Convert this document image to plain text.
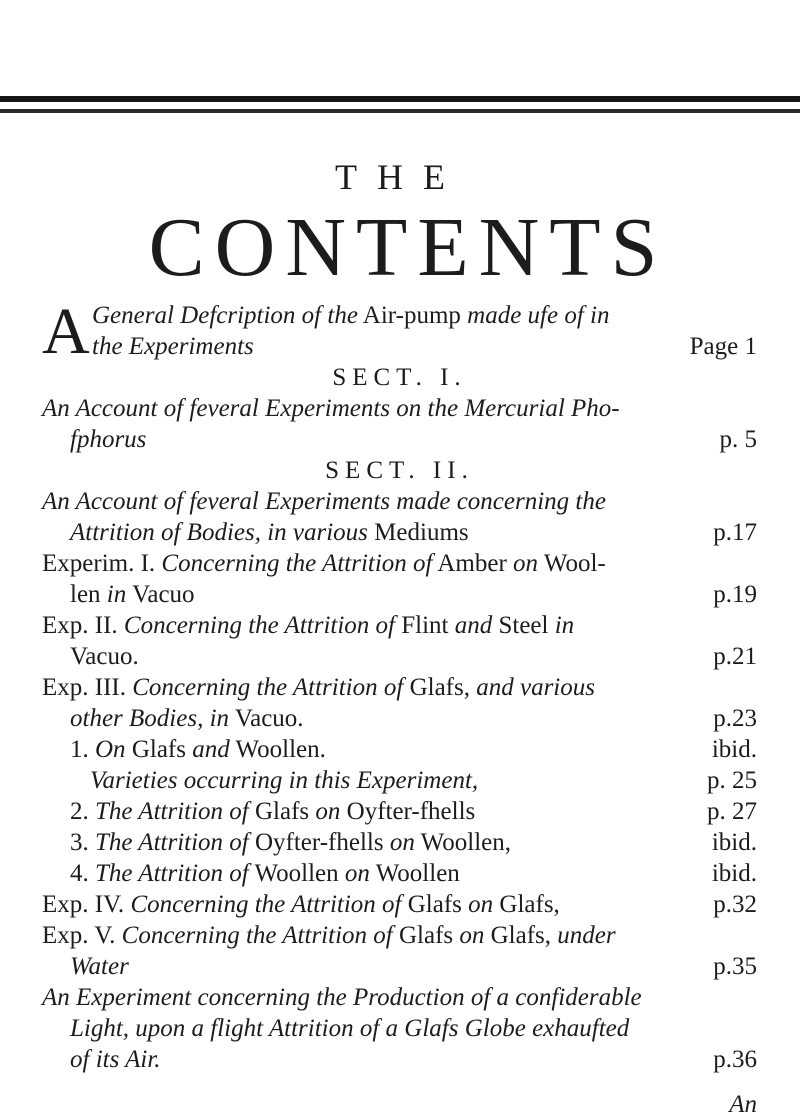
THE
CONTENTS
A General Defcription of the Air-pump made ufe of in
the Experiments	Page 1
SECT. I.
An Account of feveral Experiments on the Mercurial Pho-
fphorus	p. 5
SECT. II.
An Account of feveral Experiments made concerning the
Attrition of Bodies, in various Mediums	p.17
Experim. I. Concerning the Attrition of Amber on Wool-
len in Vacuo	p.19
Exp. II. Concerning the Attrition of Flint and Steel in
Vacuo.	p.21
Exp. III. Concerning the Attrition of Glafs, and various
other Bodies, in Vacuo.	p.23
1. On Glafs and Woollen.	ibid.
Varieties occurring in this Experiment,	p. 25
2. The Attrition of Glafs on Oyfter-fhells	p. 27
3. The Attrition of Oyfter-fhells on Woollen,	ibid.
4. The Attrition of Woollen on Woollen	ibid.
Exp. IV. Concerning the Attrition of Glafs on Glafs,	p.32
Exp. V. Concerning the Attrition of Glafs on Glafs, under
Water	p.35
An Experiment concerning the Production of a confiderable
Light, upon a flight Attrition of a Glafs Globe exhaufted
of its Air.	p.36
An
